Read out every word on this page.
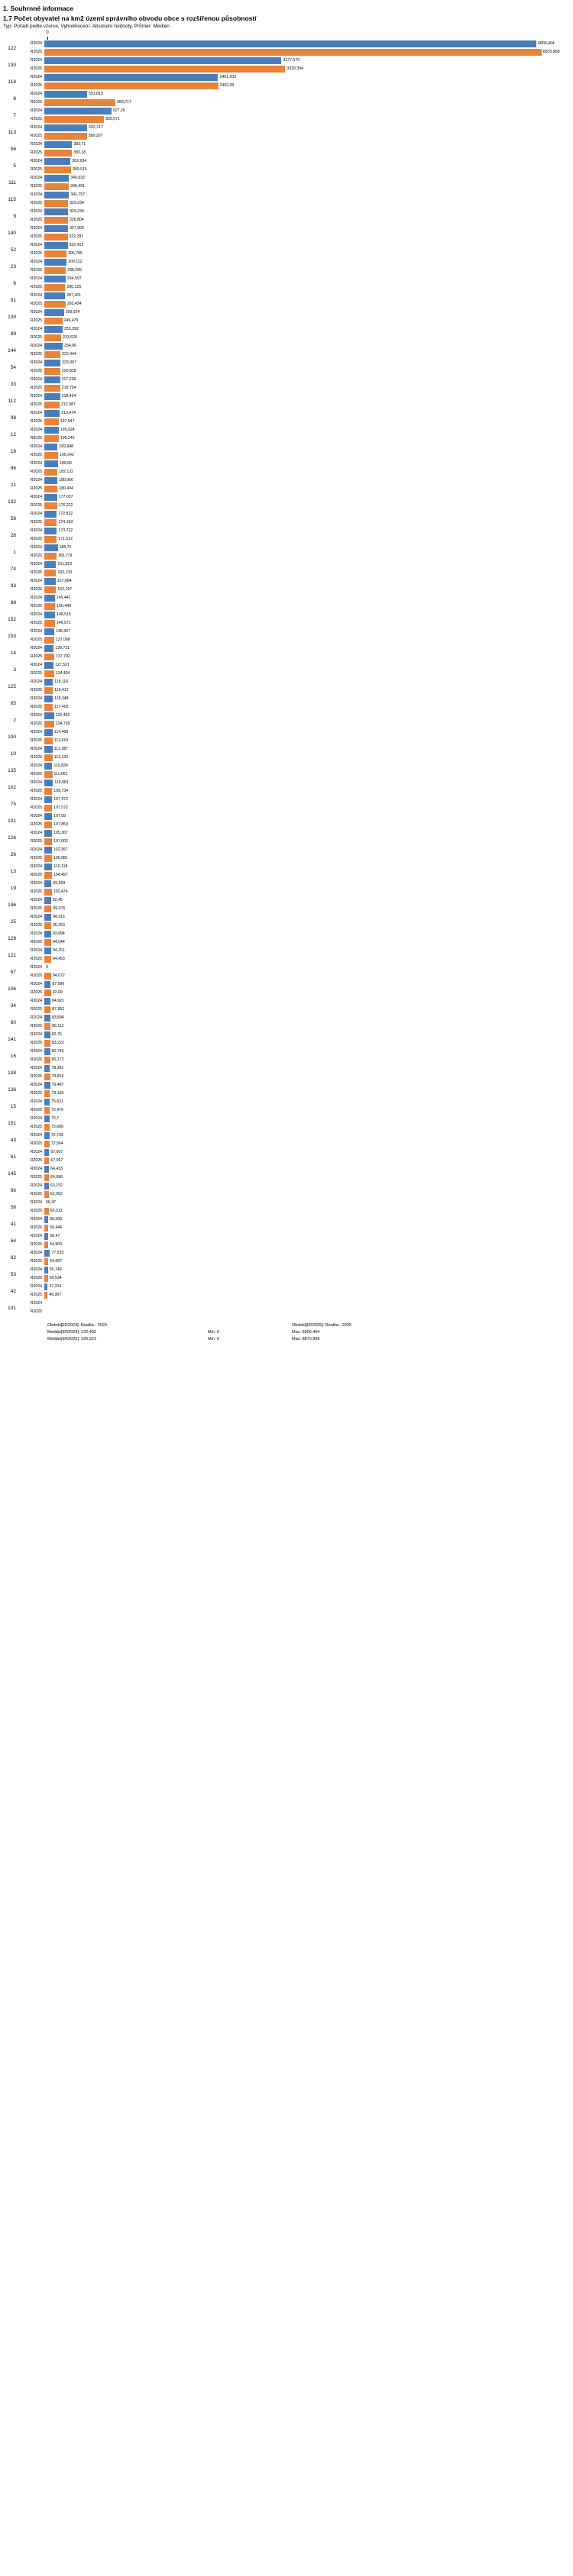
1. Souhrnné informace
1.7 Počet obyvatel na km2 území správního obvodu obce s rozšířenou působností
Typ: Pořadí podle vzorce, Vyhodnocení: Absolutní hodnoty, Průměr: Medián
0
122
R2024	6800,404
R2025	6870,968
130
R2024	3277,576
R2025	3329,394
118
R2024	2401,203
R2025	2402,09
8
R2024	591,813
R2025	983,717
7
R2024	927,26
R2025	825,671
113
R2024	592,217
R2025	589,207
56
R2024	383,71
R2025	383,18
5
R2024	362,634
R2025	369,515
111
R2024	340,632
R2025	340,491
115
R2024	341,757
R2025	329,234
9
R2024	329,234
R2025	326,804
140
R2024	327,903
R2025	322,281
52
R2024	322,413
R2025	306,785
23
R2024	309,112
R2025	298,285
6
R2024	294,597
R2025	290,125
51
R2024	287,401
R2025	293,434
139
R2024	269,924
R2025	249,479
89
R2024	253,392
R2025	233,528
144
R2024	254,96
R2025	222,444
54
R2024	223,367
R2025	220,828
33
R2024	217,228
R2025	218,754
112
R2024	218,424
R2025	212,387
98
R2024	213,474
R2025	197,547
12
R2024	199,024
R2025	199,242
18
R2024	182,848
R2025	190,242
96
R2024	189,58
R2025	182,132
21
R2024	180,966
R2025	180,494
132
R2024	177,037
R2025	176,222
58
R2024	172,822
R2025	174,163
28
R2024	173,722
R2025	171,512
1
R2024	185,71
R2025	165,779
74
R2024	161,823
R2025	163,133
93
R2024	157,084
R2025	162,197
88
R2024	145,441
R2025	150,449
152
R2024	148,515
R2025	146,571
153
R2024	138,367
R2025	137,068
14
R2024	130,721
R2025	137,792
3
R2024	127,521
R2025	134,434
125
R2024	118,116
R2025	119,412
85
R2024	118,348
R2025	117,403
2
R2024	132,402
R2025	134,739
100
R2024	114,468
R2025	113,919
10
R2024	113,387
R2025	113,133
135
R2024	110,839
R2025	111,061
102
R2024	119,981
R2025	108,734
75
R2024	107,972
R2025	107,572
101
R2024	107,59
R2025	107,853
126
R2024	105,367
R2025	107,002
26
R2024	102,367
R2025	105,081
13
R2024	110,118
R2025	104,497
19
R2024	99,509
R2025	102,474
146
R2024	92,45
R2025	99,076
25
R2024	94,216
R2025	95,263
129
R2024	93,894
R2025	94,544
121
R2024	94,151
R2025	94,453
67
R2024 0
R2025	94,072
106
R2024	87,996
R2025	92,69
34
R2024	84,921
R2025	87,852
60
R2024	83,894
R2025	86,112
141
R2024	82,76
R2025	83,222
16
R2024	80,746
R2025	80,172
138
R2024	78,382
R2025	79,816
136
R2024	79,487
R2025	79,136
15
R2024	75,621
R2025	75,476
151
R2024	73,7
R2025	73,689
43
R2024	72,739
R2025	72,564
61
R2024	67,607
R2025	67,067
145
R2024	64,433
R2025	64,686
86
R2024	63,152
R2025	62,062
58
R2024 56,47
R2025	60,313
41
R2024	56,005
R2025	56,446
64
R2024	56,47
R2025	54,903
82
R2024	77,533
R2025	54,687
53
R2024	50,749
R2025	50,534
42
R2024	47,314
R2025	46,307
131
R2024
R2025
Obdobi[ER2024]: Realita - 2024	Obdobi[ER2025]: Realita - 2025
Medián[ER2024]: 132,402	Min: 0	Max: 6800,404
Medián[ER2025]: 126,923	Min: 0	Max: 6870,968
